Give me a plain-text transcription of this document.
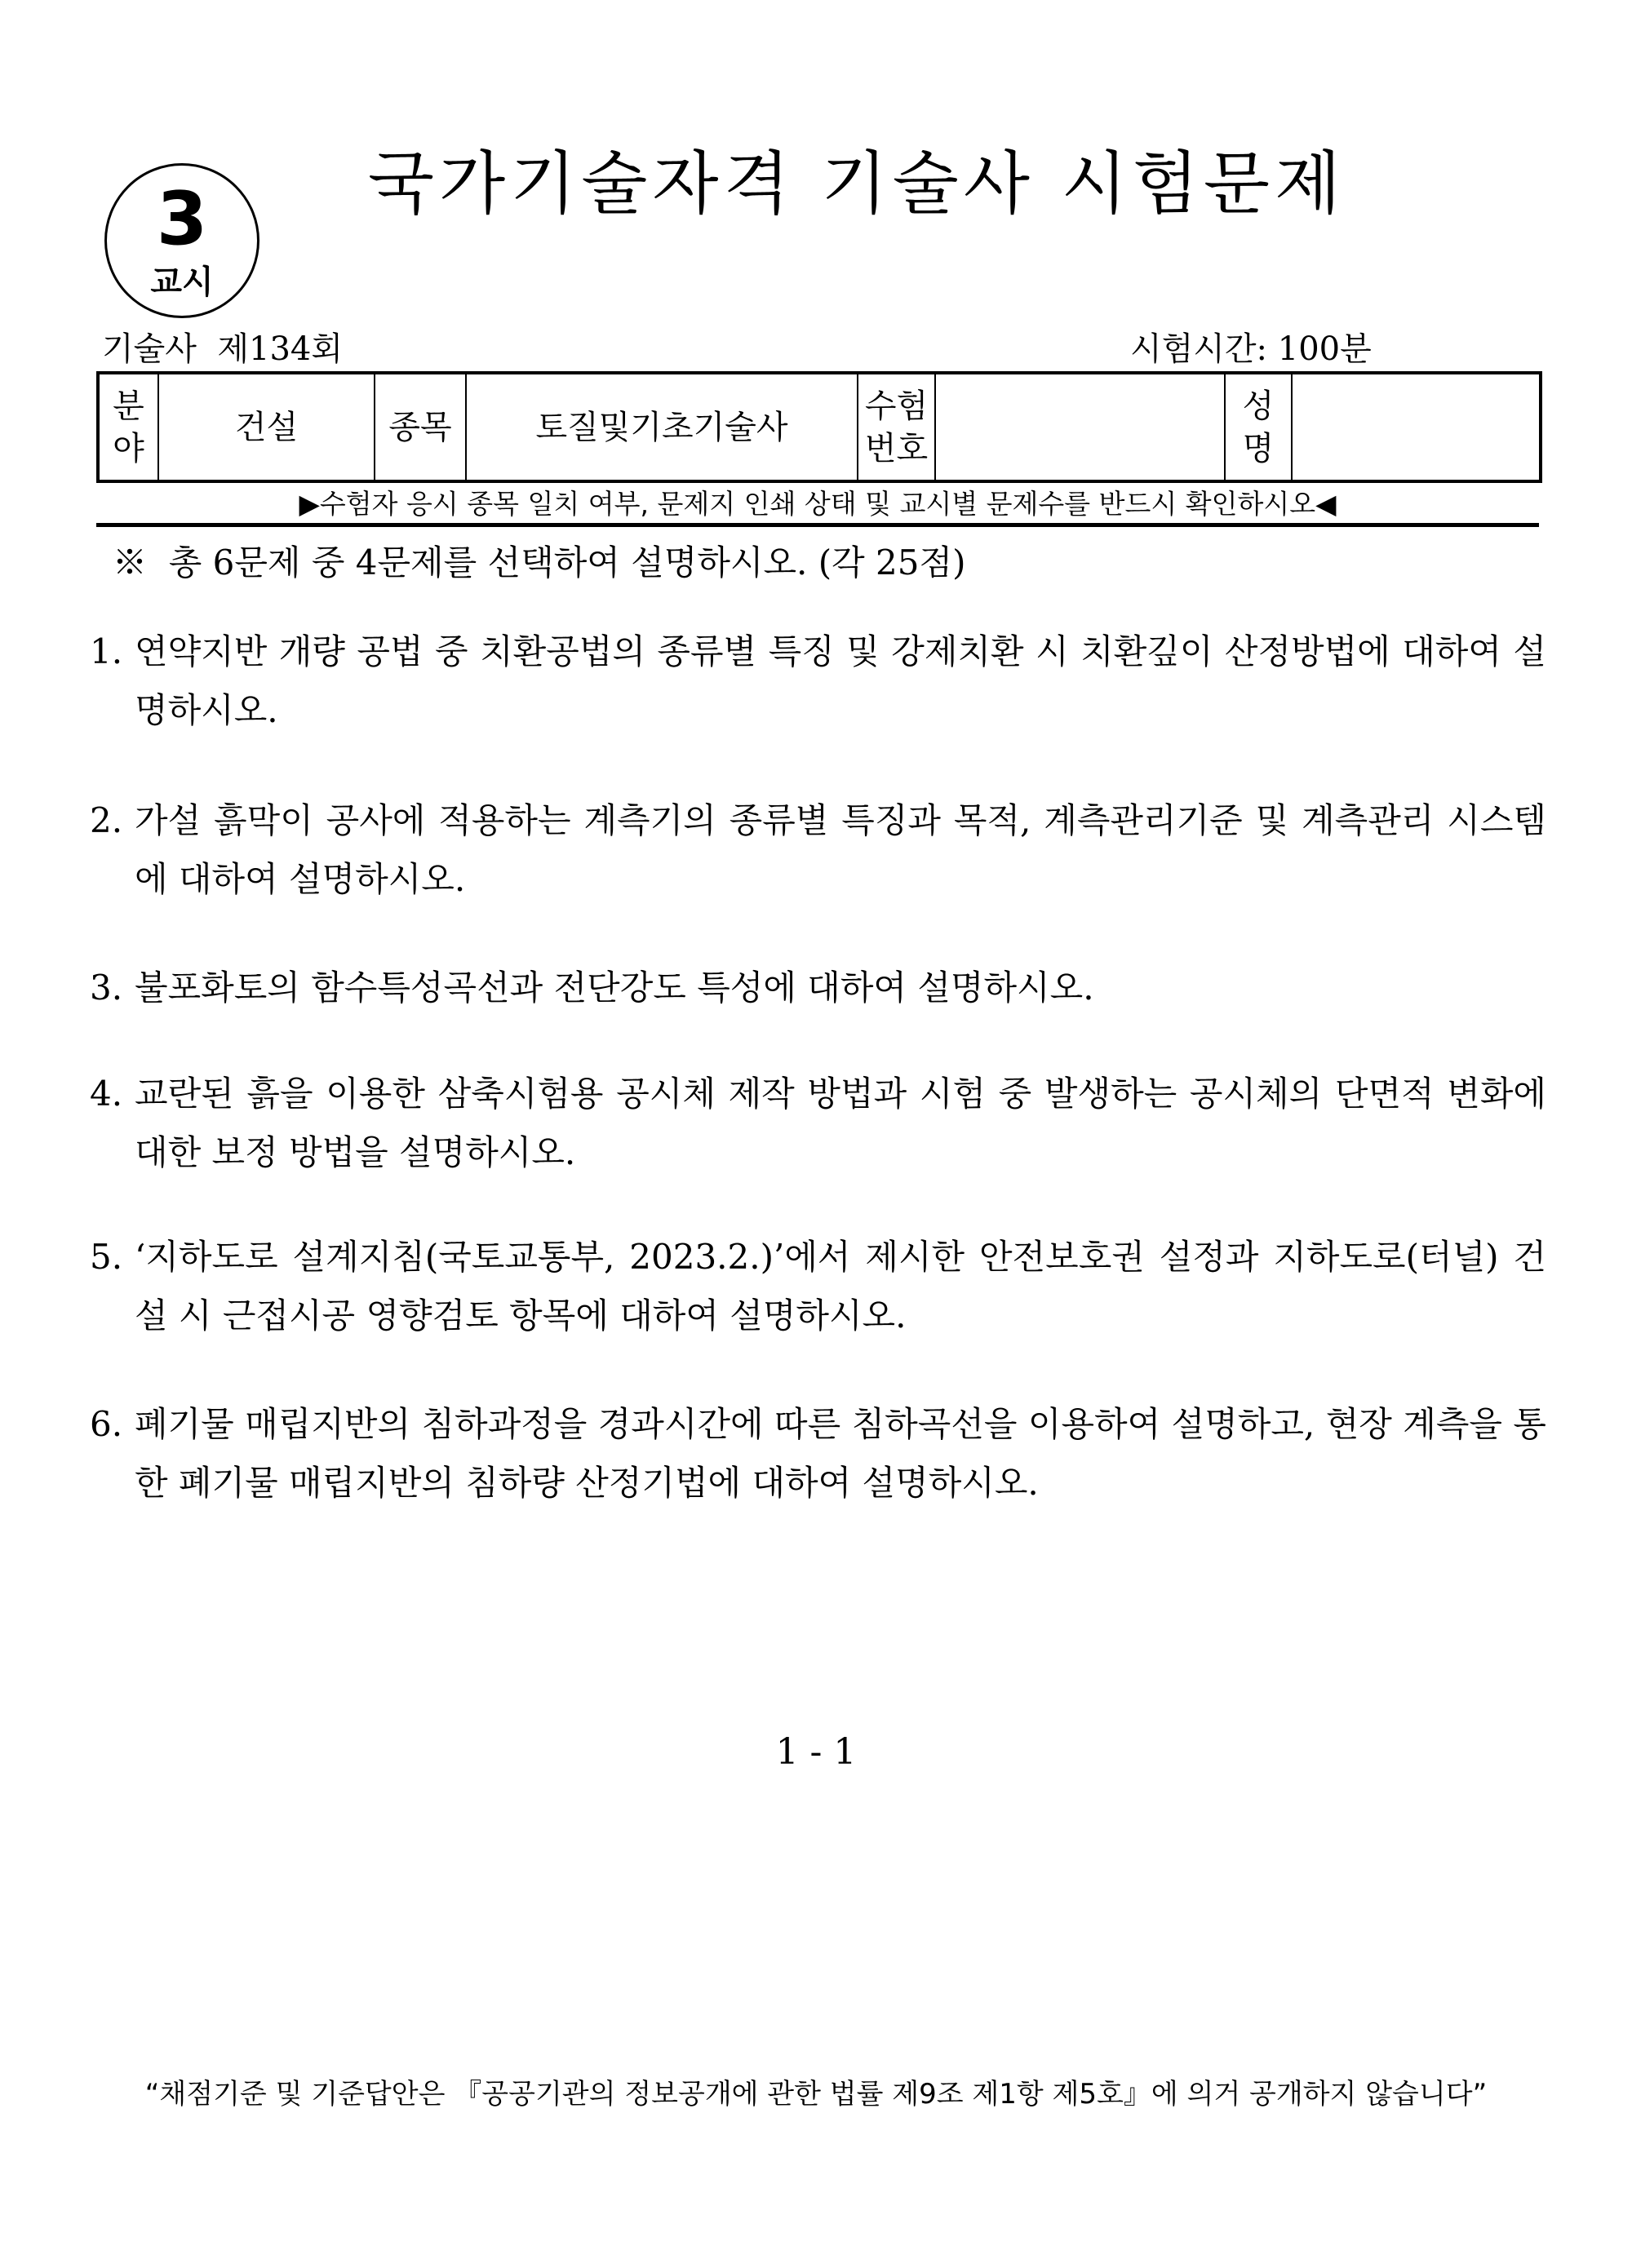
3
교시
국가기술자격 기술사 시험문제
기술사  제134회	시험시간: 100분
분야	건설	종목	토질및기초기술사	수험번호		성명	
▶수험자 응시 종목 일치 여부, 문제지 인쇄 상태 및 교시별 문제수를 반드시 확인하시오◀
※  총 6문제 중 4문제를 선택하여 설명하시오. (각 25점)
1. 연약지반 개량 공법 중 치환공법의 종류별 특징 및 강제치환 시 치환깊이 산정방법에 대하여 설명하시오.
2. 가설 흙막이 공사에 적용하는 계측기의 종류별 특징과 목적, 계측관리기준 및 계측관리 시스템에 대하여 설명하시오.
3. 불포화토의 함수특성곡선과 전단강도 특성에 대하여 설명하시오.
4. 교란된 흙을 이용한 삼축시험용 공시체 제작 방법과 시험 중 발생하는 공시체의 단면적 변화에 대한 보정 방법을 설명하시오.
5. ‘지하도로 설계지침(국토교통부, 2023.2.)’에서 제시한 안전보호권 설정과 지하도로(터널) 건설 시 근접시공 영향검토 항목에 대하여 설명하시오.
6. 폐기물 매립지반의 침하과정을 경과시간에 따른 침하곡선을 이용하여 설명하고, 현장 계측을 통한 폐기물 매립지반의 침하량 산정기법에 대하여 설명하시오.
1 - 1
“채점기준 및 기준답안은 『공공기관의 정보공개에 관한 법률 제9조 제1항 제5호』에 의거 공개하지 않습니다”
